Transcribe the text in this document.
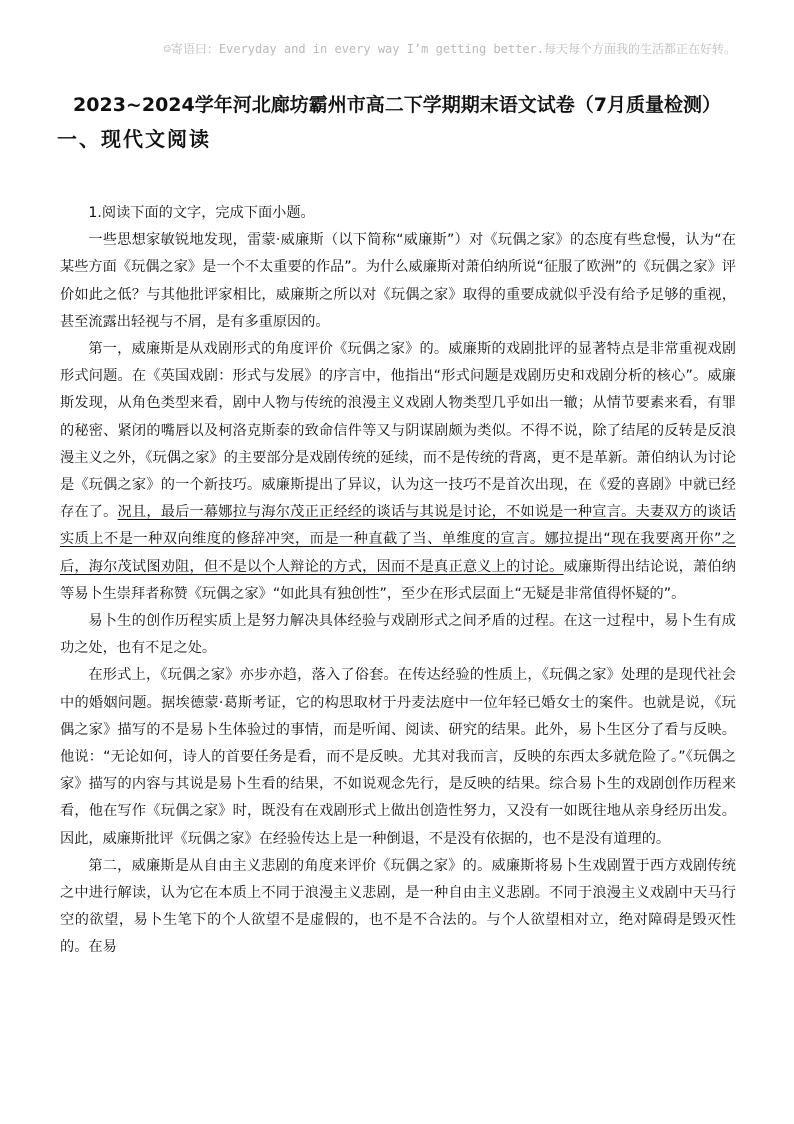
☺寄语曰：Everyday and in every way I’m getting better.每天每个方面我的生活都正在好转。
2023~2024学年河北廊坊霸州市高二下学期期末语文试卷（7月质量检测）
一、现代文阅读

1.阅读下面的文字，完成下面小题。

一些思想家敏锐地发现，雷蒙·威廉斯（以下简称“威廉斯”）对《玩偶之家》的态度有些怠慢，认为“在某些方面《玩偶之家》是一个不太重要的作品”。为什么威廉斯对萧伯纳所说“征服了欧洲”的《玩偶之家》评价如此之低？与其他批评家相比，威廉斯之所以对《玩偶之家》取得的重要成就似乎没有给予足够的重视，甚至流露出轻视与不屑，是有多重原因的。

第一，威廉斯是从戏剧形式的角度评价《玩偶之家》的。威廉斯的戏剧批评的显著特点是非常重视戏剧形式问题。在《英国戏剧：形式与发展》的序言中，他指出“形式问题是戏剧历史和戏剧分析的核心”。威廉斯发现，从角色类型来看，剧中人物与传统的浪漫主义戏剧人物类型几乎如出一辙；从情节要素来看，有罪的秘密、紧闭的嘴唇以及柯洛克斯泰的致命信件等又与阴谋剧颇为类似。不得不说，除了结尾的反转是反浪漫主义之外，《玩偶之家》的主要部分是戏剧传统的延续，而不是传统的背离，更不是革新。萧伯纳认为讨论是《玩偶之家》的一个新技巧。威廉斯提出了异议，认为这一技巧不是首次出现，在《爱的喜剧》中就已经存在了。况且，最后一幕娜拉与海尔茂正正经经的谈话与其说是讨论，不如说是一种宣言。夫妻双方的谈话实质上不是一种双向维度的修辞冲突，而是一种直截了当、单维度的宣言。娜拉提出“现在我要离开你”之后，海尔茂试图劝阻，但不是以个人辩论的方式，因而不是真正意义上的讨论。威廉斯得出结论说，萧伯纳等易卜生崇拜者称赞《玩偶之家》“如此具有独创性”，至少在形式层面上“无疑是非常值得怀疑的”。

易卜生的创作历程实质上是努力解决具体经验与戏剧形式之间矛盾的过程。在这一过程中，易卜生有成功之处，也有不足之处。

在形式上，《玩偶之家》亦步亦趋，落入了俗套。在传达经验的性质上，《玩偶之家》处理的是现代社会中的婚姻问题。据埃德蒙·葛斯考证，它的构思取材于丹麦法庭中一位年轻已婚女士的案件。也就是说，《玩偶之家》描写的不是易卜生体验过的事情，而是听闻、阅读、研究的结果。此外，易卜生区分了看与反映。他说：“无论如何，诗人的首要任务是看，而不是反映。尤其对我而言，反映的东西太多就危险了。”《玩偶之家》描写的内容与其说是易卜生看的结果，不如说观念先行，是反映的结果。综合易卜生的戏剧创作历程来看，他在写作《玩偶之家》时，既没有在戏剧形式上做出创造性努力，又没有一如既往地从亲身经历出发。因此，威廉斯批评《玩偶之家》在经验传达上是一种倒退，不是没有依据的，也不是没有道理的。

第二，威廉斯是从自由主义悲剧的角度来评价《玩偶之家》的。威廉斯将易卜生戏剧置于西方戏剧传统之中进行解读，认为它在本质上不同于浪漫主义悲剧，是一种自由主义悲剧。不同于浪漫主义戏剧中天马行空的欲望，易卜生笔下的个人欲望不是虚假的，也不是不合法的。与个人欲望相对立，绝对障碍是毁灭性的。在易
